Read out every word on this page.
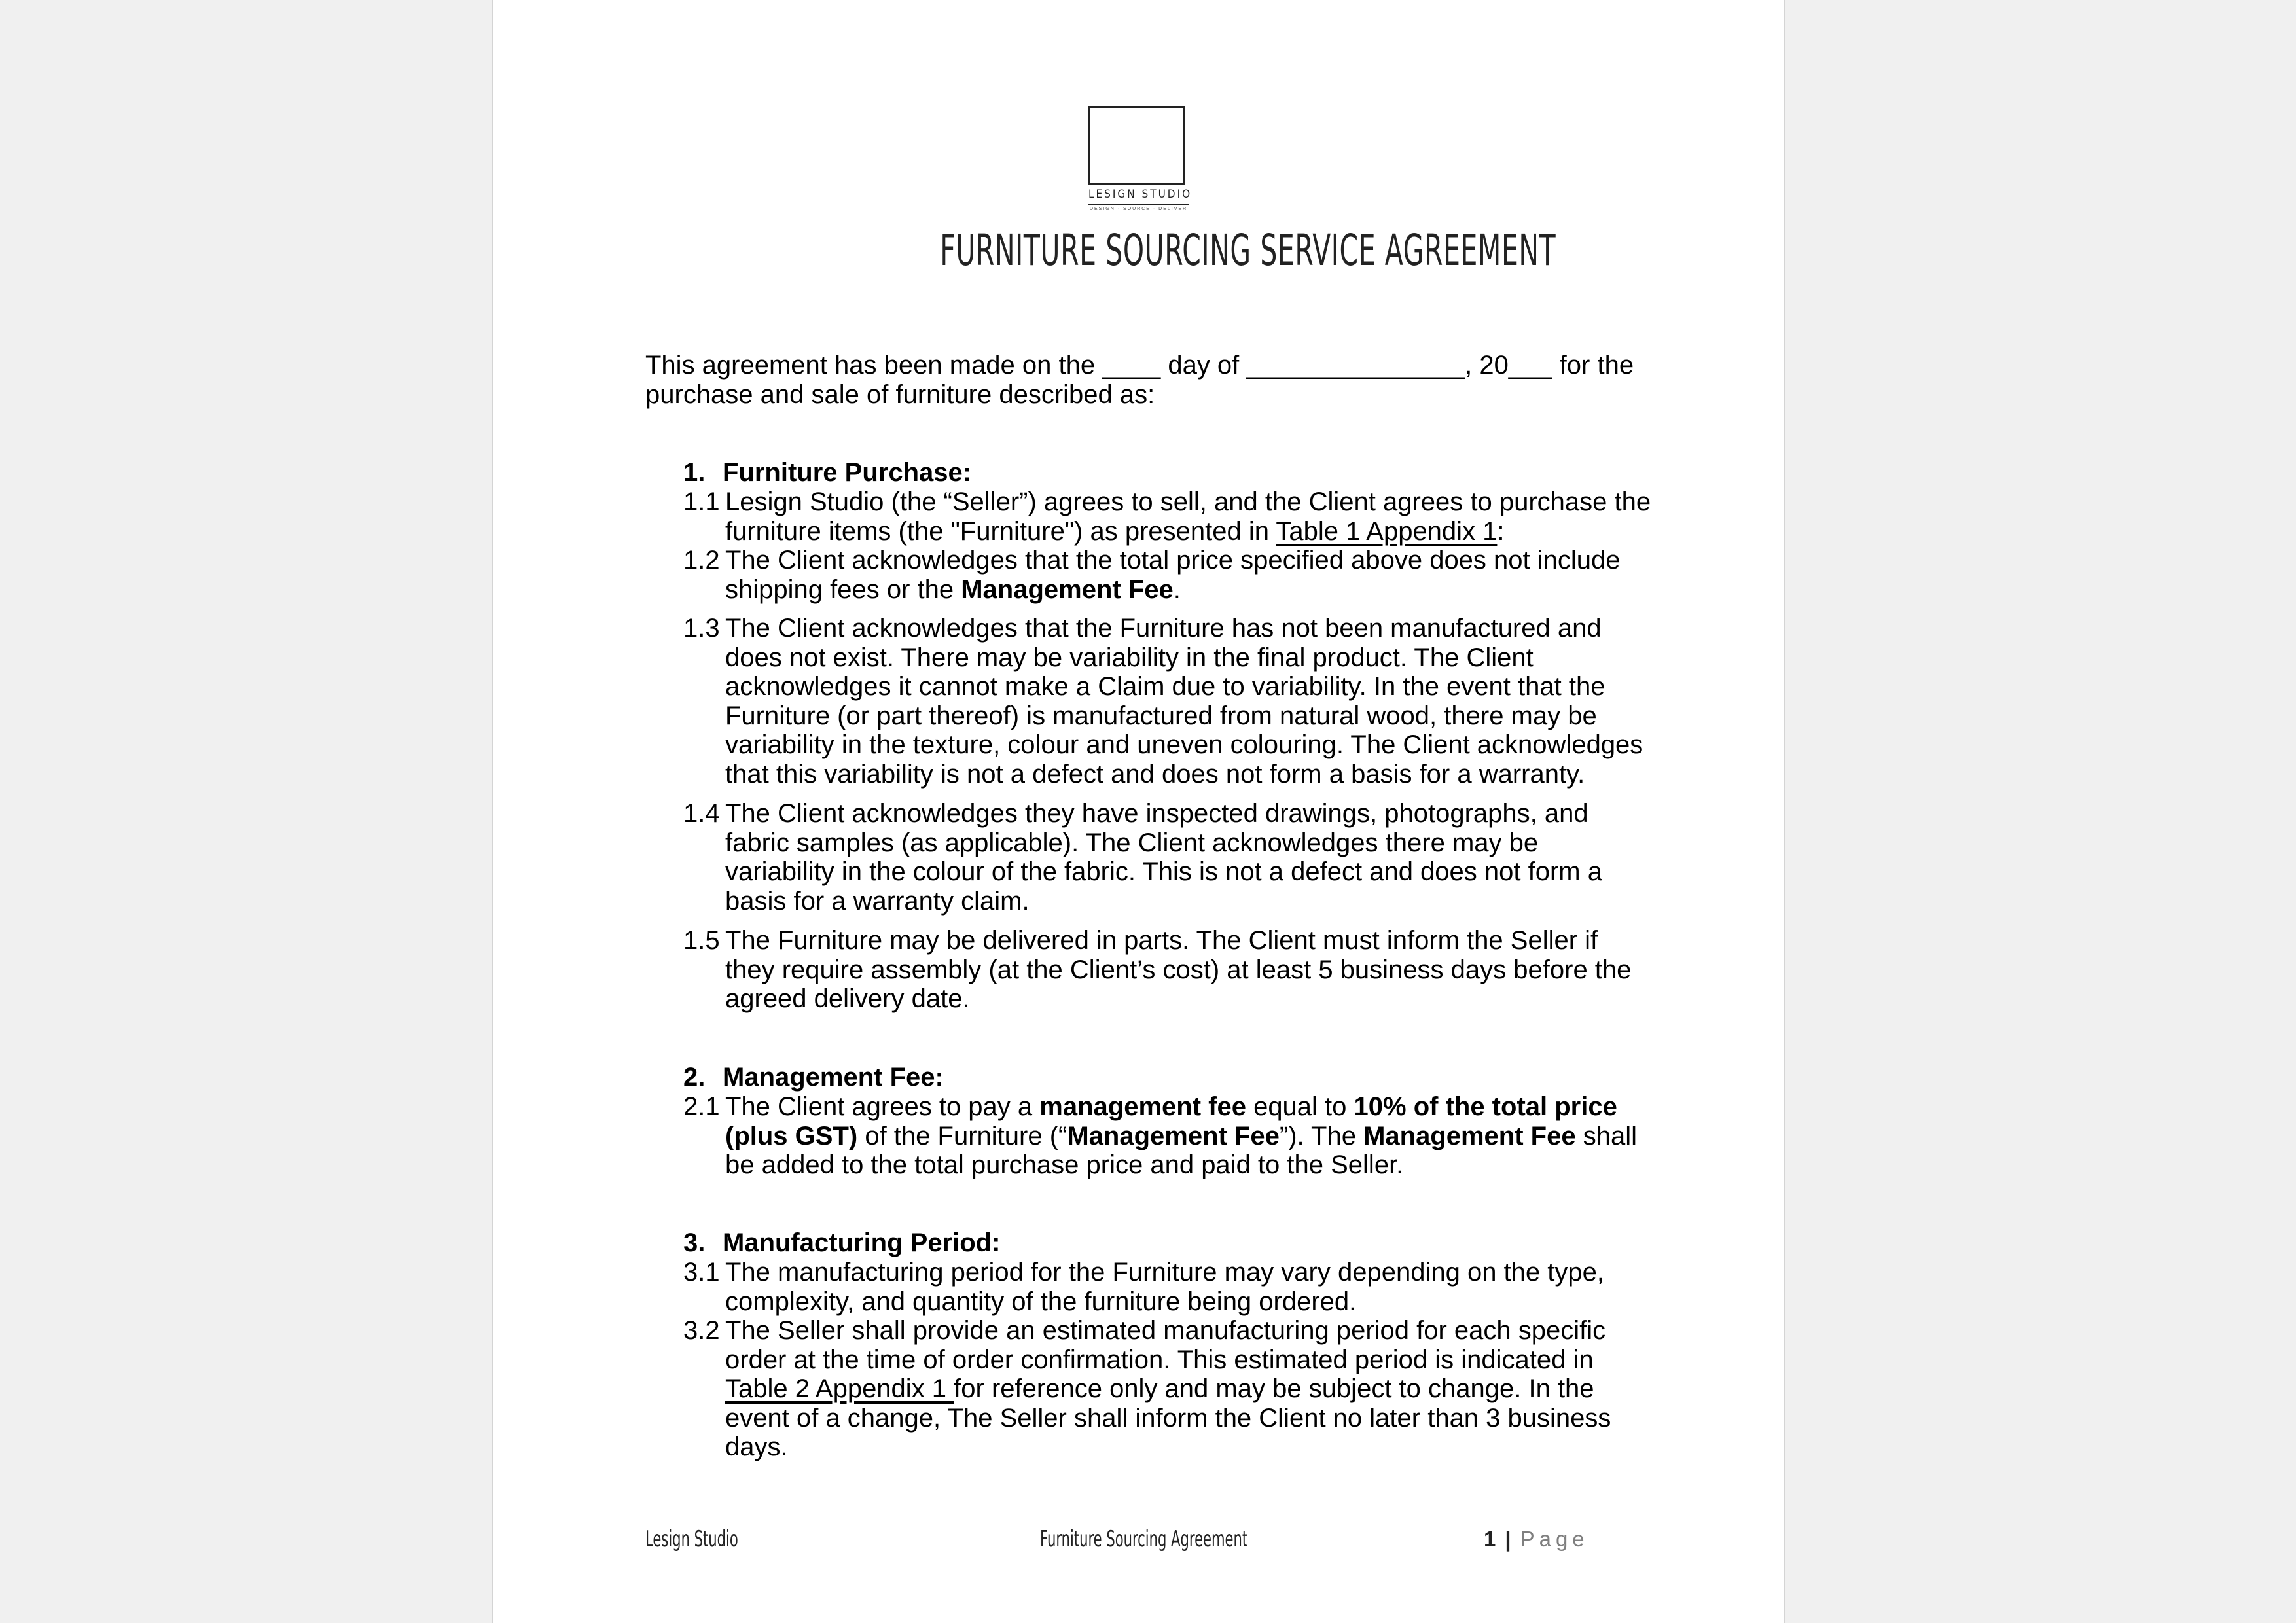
LESIGN STUDIO
DESIGN · SOURCE · DELIVER
FURNITURE SOURCING SERVICE AGREEMENT
This agreement has been made on the ____ day of _______________, 20___ for the
purchase and sale of furniture described as:
1. Furniture Purchase:
1.1 Lesign Studio (the “Seller”) agrees to sell, and the Client agrees to purchase the furniture items (the "Furniture") as presented in Table 1 Appendix 1:
1.2 The Client acknowledges that the total price specified above does not include shipping fees or the Management Fee.
1.3 The Client acknowledges that the Furniture has not been manufactured and does not exist. There may be variability in the final product. The Client acknowledges it cannot make a Claim due to variability. In the event that the Furniture (or part thereof) is manufactured from natural wood, there may be variability in the texture, colour and uneven colouring. The Client acknowledges that this variability is not a defect and does not form a basis for a warranty.
1.4 The Client acknowledges they have inspected drawings, photographs, and fabric samples (as applicable). The Client acknowledges there may be variability in the colour of the fabric. This is not a defect and does not form a basis for a warranty claim.
1.5 The Furniture may be delivered in parts. The Client must inform the Seller if they require assembly (at the Client’s cost) at least 5 business days before the agreed delivery date.
2. Management Fee:
2.1 The Client agrees to pay a management fee equal to 10% of the total price (plus GST) of the Furniture (“Management Fee”). The Management Fee shall be added to the total purchase price and paid to the Seller.
3. Manufacturing Period:
3.1 The manufacturing period for the Furniture may vary depending on the type, complexity, and quantity of the furniture being ordered.
3.2 The Seller shall provide an estimated manufacturing period for each specific order at the time of order confirmation. This estimated period is indicated in Table 2 Appendix 1 for reference only and may be subject to change. In the event of a change, The Seller shall inform the Client no later than 3 business days.
Lesign Studio	Furniture Sourcing Agreement	1 | Page
